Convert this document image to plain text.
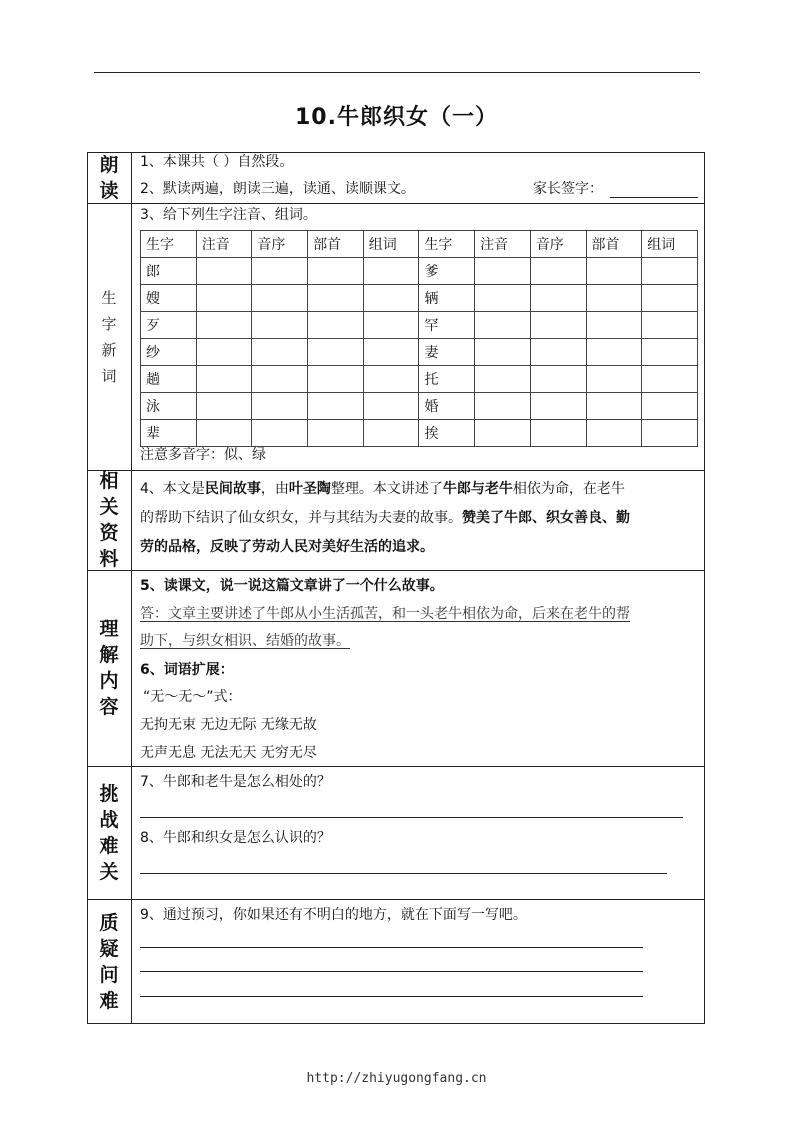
10.牛郎织女（一）
朗
读
1、本课共（ ）自然段。
2、默读两遍，朗读三遍，读通、读顺课文。	家长签字：
生
字
新
词
3、给下列生字注音、组词。
生字	注音	音序	部首	组词	生字	注音	音序	部首	组词
郎					爹				
嫂					辆				
歹					罕				
纱					妻				
趟					托				
泳					婚				
辈					挨				
注意多音字：似、绿
相
关
资
料
4、本文是民间故事，由叶圣陶整理。本文讲述了牛郎与老牛相依为命，在老牛
的帮助下结识了仙女织女，并与其结为夫妻的故事。赞美了牛郎、织女善良、勤
劳的品格，反映了劳动人民对美好生活的追求。
理
解
内
容
5、读课文，说一说这篇文章讲了一个什么故事。
答：文章主要讲述了牛郎从小生活孤苦，和一头老牛相依为命，后来在老牛的帮
助下，与织女相识、结婚的故事。
6、词语扩展：
“无～无～”式：
无拘无束 无边无际 无缘无故
无声无息 无法无天 无穷无尽
挑
战
难
关
7、牛郎和老牛是怎么相处的？
8、牛郎和织女是怎么认识的？
质
疑
问
难
9、通过预习，你如果还有不明白的地方，就在下面写一写吧。
http://zhiyugongfang.cn
